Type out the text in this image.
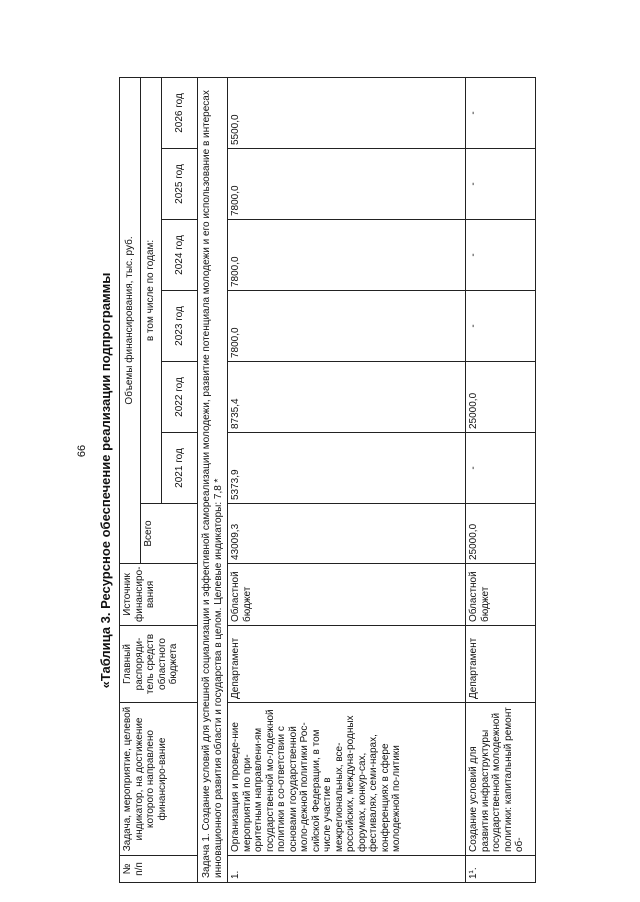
66 «Таблица 3. Ресурсное обеспечение реализации подпрограммы
№ п/п	Задача, мероприятие, целевой индикатор, на достижение которого направлено финансиро-вание	Главный распоряди-тель средств областного бюджета	Источник финансиро-вания	Объемы финансирования, тыс. руб.						
				Всего	в том числе по годам:					
					2021 год	2022 год	2023 год	2024 год	2025 год	2026 год
Задача 1. Создание условий для успешной социализации и эффективной самореализации молодежи, развитие потенциала молодежи и его использование в интересах инновационного развития области и государства в целом. Целевые индикаторы: 7,8 *										
1.	Организация и проведе-ние мероприятий по при-оритетным направлени-ям государственной мо-лодежной политики в со-ответствии с основами государственной моло-дежной политики Рос-сийской Федерации, в том числе участие в межрегиональных, все-российских, междуна-родных форумах, конкур-сах, фестивалях, семи-нарах, конференциях в сфере молодежной по-литики	Департамент	Областной бюджет	43009,3	5373,9	8735,4	7800,0	7800,0	7800,0	5500,0
1¹.	Создание условий для развития инфраструктуры государственной молодежной политики: капитальный ремонт об-	Департамент	Областной бюджет	25000,0	-	25000,0	-	-	-	-
